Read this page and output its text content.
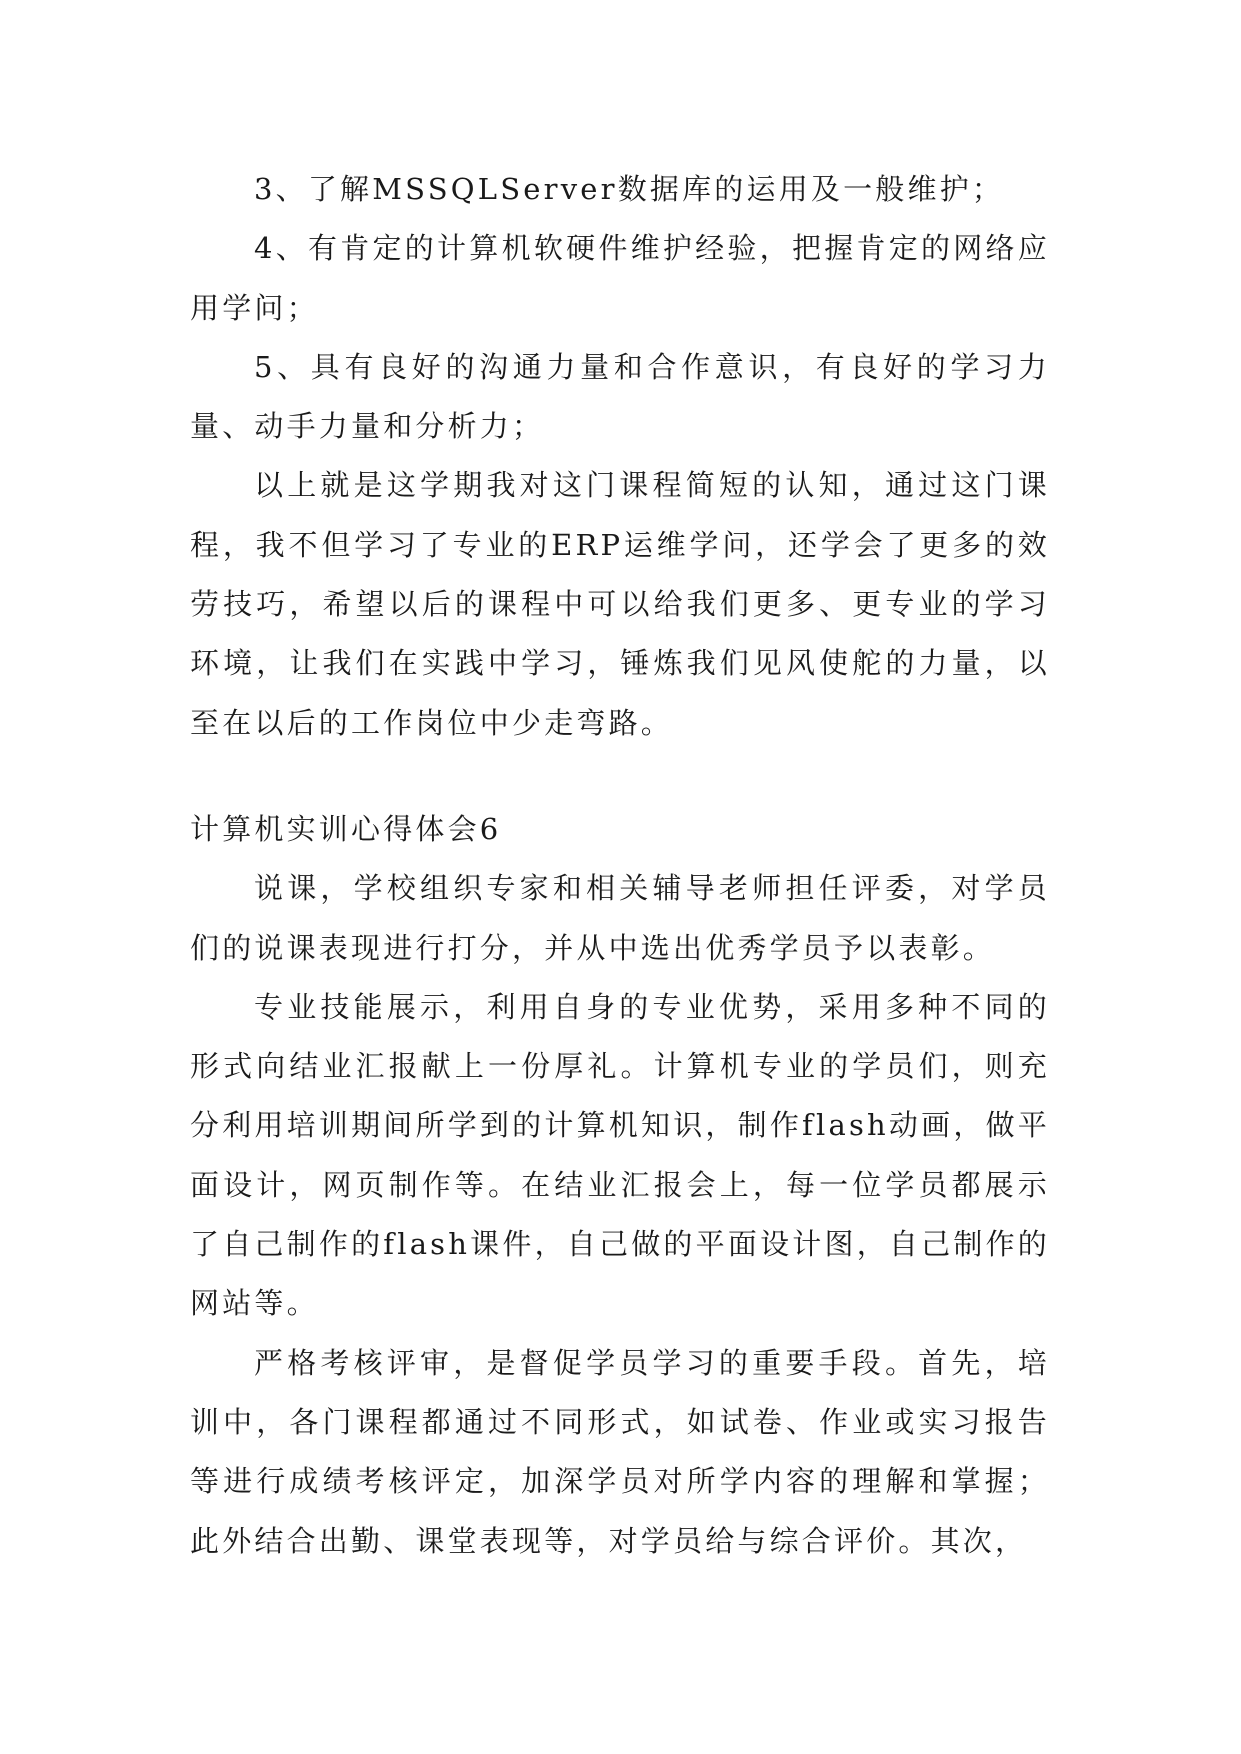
3、了解MSSQLServer数据库的运用及一般维护；

4、有肯定的计算机软硬件维护经验，把握肯定的网络应用学问；

5、具有良好的沟通力量和合作意识，有良好的学习力量、动手力量和分析力；

以上就是这学期我对这门课程简短的认知，通过这门课程，我不但学习了专业的ERP运维学问，还学会了更多的效劳技巧，希望以后的课程中可以给我们更多、更专业的学习环境，让我们在实践中学习，锤炼我们见风使舵的力量，以至在以后的工作岗位中少走弯路。

计算机实训心得体会6

说课，学校组织专家和相关辅导老师担任评委，对学员们的说课表现进行打分，并从中选出优秀学员予以表彰。

专业技能展示，利用自身的专业优势，采用多种不同的形式向结业汇报献上一份厚礼。计算机专业的学员们，则充分利用培训期间所学到的计算机知识，制作flash动画，做平面设计，网页制作等。在结业汇报会上，每一位学员都展示了自己制作的flash课件，自己做的平面设计图，自己制作的网站等。

严格考核评审，是督促学员学习的重要手段。首先，培训中，各门课程都通过不同形式，如试卷、作业或实习报告等进行成绩考核评定，加深学员对所学内容的理解和掌握；此外结合出勤、课堂表现等，对学员给与综合评价。其次，
